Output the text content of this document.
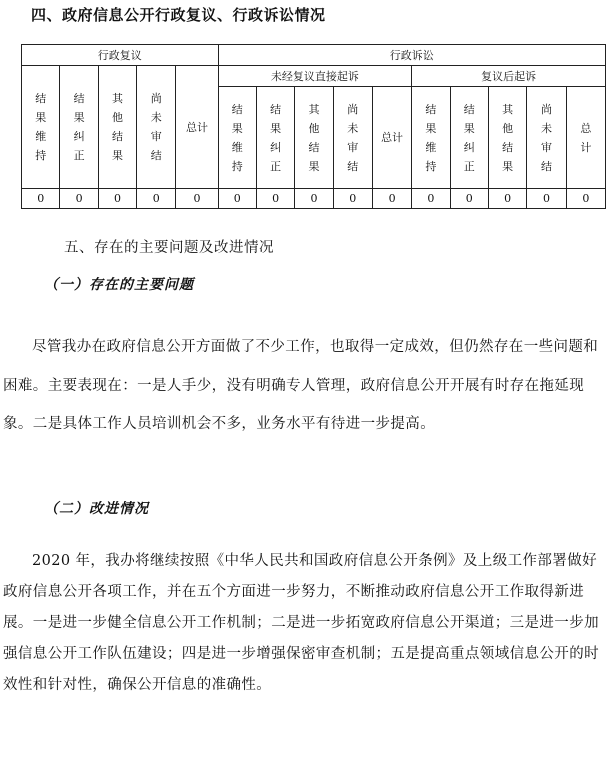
四、政府信息公开行政复议、行政诉讼情况
行政复议					行政诉讼									
结果维持	结果纠正	其他结果	尚未审结	总计	未经复议直接起诉					复议后起诉				
					结果维持	结果纠正	其他结果	尚未审结	总计	结果维持	结果纠正	其他结果	尚未审结	总计
0	0	0	0	0	0	0	0	0	0	0	0	0	0	0
五、存在的主要问题及改进情况
（一）存在的主要问题
尽管我办在政府信息公开方面做了不少工作，也取得一定成效，但仍然存在一些问题和困难。主要表现在：一是人手少，没有明确专人管理，政府信息公开开展有时存在拖延现象。二是具体工作人员培训机会不多，业务水平有待进一步提高。
（二）改进情况
2020 年，我办将继续按照《中华人民共和国政府信息公开条例》及上级工作部署做好政府信息公开各项工作，并在五个方面进一步努力，不断推动政府信息公开工作取得新进展。一是进一步健全信息公开工作机制；二是进一步拓宽政府信息公开渠道；三是进一步加强信息公开工作队伍建设；四是进一步增强保密审查机制；五是提高重点领域信息公开的时效性和针对性，确保公开信息的准确性。
